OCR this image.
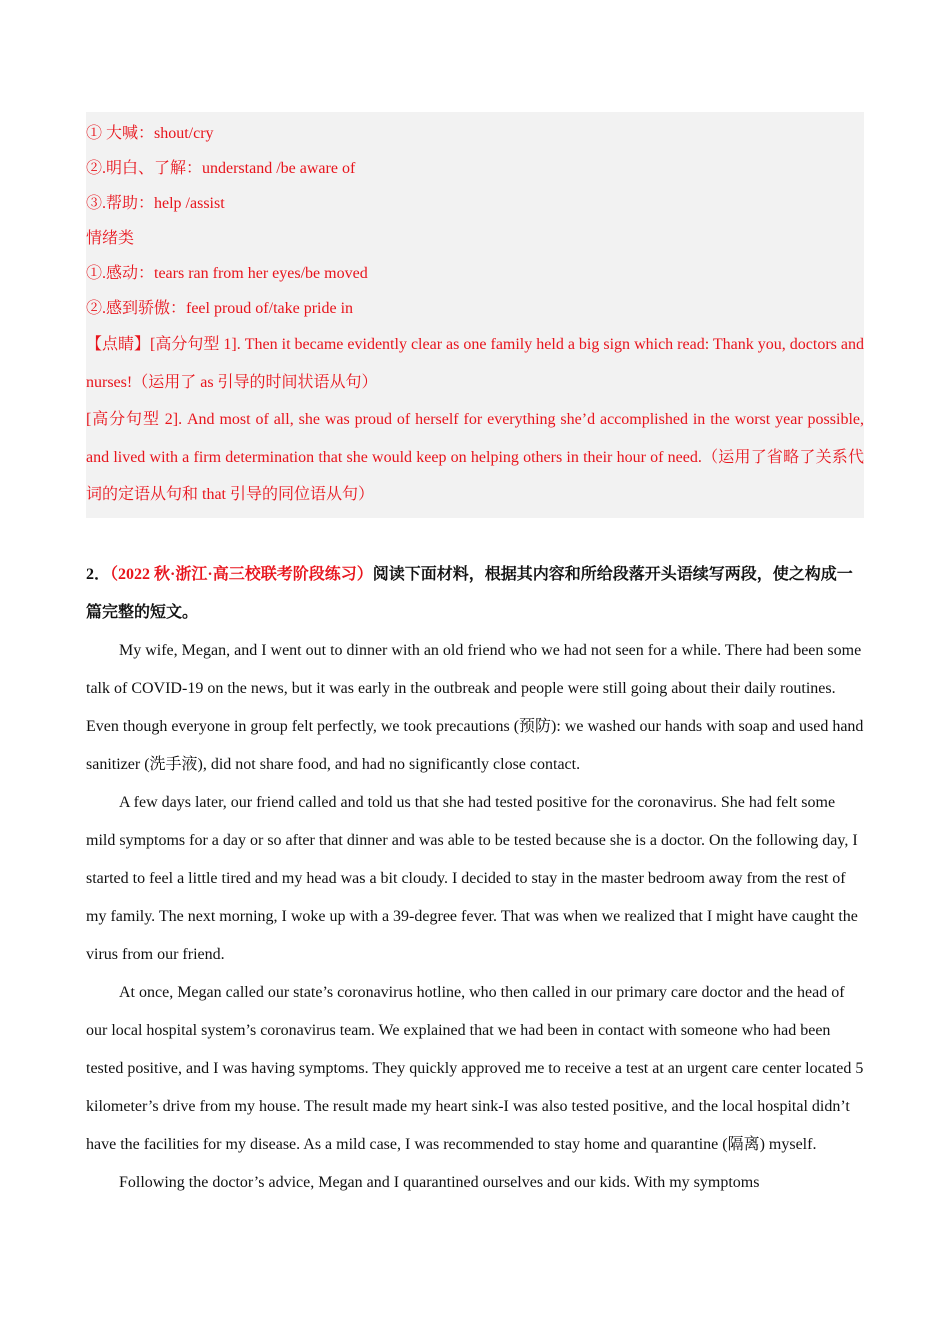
① 大喊：shout/cry
②.明白、了解：understand /be aware of
③.帮助：help /assist
情绪类
①.感动：tears ran from her eyes/be moved
②.感到骄傲：feel proud of/take pride in

【点睛】[高分句型 1]. Then it became evidently clear as one family held a big sign which read: Thank you, doctors and nurses!（运用了 as 引导的时间状语从句）

[高分句型 2]. And most of all, she was proud of herself for everything she’d accomplished in the worst year possible, and lived with a firm determination that she would keep on helping others in their hour of need.（运用了省略了关系代词的定语从句和 that 引导的同位语从句）

2．（2022 秋·浙江·高三校联考阶段练习）阅读下面材料，根据其内容和所给段落开头语续写两段，使之构成一篇完整的短文。

My wife, Megan, and I went out to dinner with an old friend who we had not seen for a while. There had been some talk of COVID-19 on the news, but it was early in the outbreak and people were still going about their daily routines. Even though everyone in group felt perfectly, we took precautions (预防): we washed our hands with soap and used hand sanitizer (洗手液), did not share food, and had no significantly close contact.

A few days later, our friend called and told us that she had tested positive for the coronavirus. She had felt some mild symptoms for a day or so after that dinner and was able to be tested because she is a doctor. On the following day, I started to feel a little tired and my head was a bit cloudy. I decided to stay in the master bedroom away from the rest of my family. The next morning, I woke up with a 39-degree fever. That was when we realized that I might have caught the virus from our friend.

At once, Megan called our state’s coronavirus hotline, who then called in our primary care doctor and the head of our local hospital system’s coronavirus team. We explained that we had been in contact with someone who had been tested positive, and I was having symptoms. They quickly approved me to receive a test at an urgent care center located 5 kilometer’s drive from my house. The result made my heart sink-I was also tested positive, and the local hospital didn’t have the facilities for my disease. As a mild case, I was recommended to stay home and quarantine (隔离) myself.

Following the doctor’s advice, Megan and I quarantined ourselves and our kids. With my symptoms
